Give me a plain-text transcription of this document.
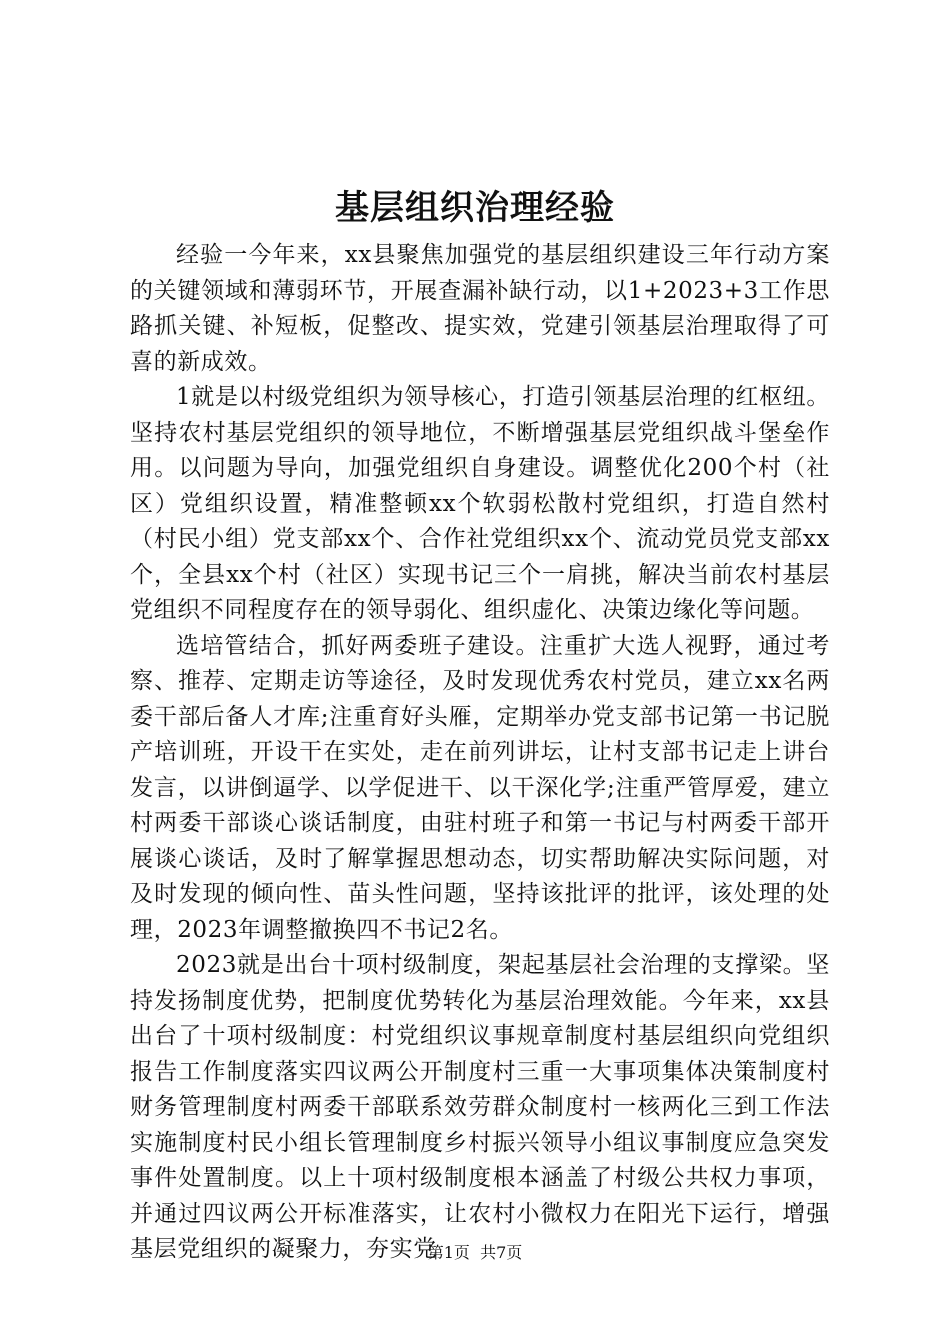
基层组织治理经验

经验一今年来，xx县聚焦加强党的基层组织建设三年行动方案的关键领域和薄弱环节，开展查漏补缺行动，以1+2023+3工作思路抓关键、补短板，促整改、提实效，党建引领基层治理取得了可喜的新成效。

1就是以村级党组织为领导核心，打造引领基层治理的红枢纽。坚持农村基层党组织的领导地位，不断增强基层党组织战斗堡垒作用。以问题为导向，加强党组织自身建设。调整优化200个村（社区）党组织设置，精准整顿xx个软弱松散村党组织，打造自然村（村民小组）党支部xx个、合作社党组织xx个、流动党员党支部xx个，全县xx个村（社区）实现书记三个一肩挑，解决当前农村基层党组织不同程度存在的领导弱化、组织虚化、决策边缘化等问题。

选培管结合，抓好两委班子建设。注重扩大选人视野，通过考察、推荐、定期走访等途径，及时发现优秀农村党员，建立xx名两委干部后备人才库;注重育好头雁，定期举办党支部书记第一书记脱产培训班，开设干在实处，走在前列讲坛，让村支部书记走上讲台发言，以讲倒逼学、以学促进干、以干深化学;注重严管厚爱，建立村两委干部谈心谈话制度，由驻村班子和第一书记与村两委干部开展谈心谈话，及时了解掌握思想动态，切实帮助解决实际问题，对及时发现的倾向性、苗头性问题，坚持该批评的批评，该处理的处理，2023年调整撤换四不书记2名。

2023就是出台十项村级制度，架起基层社会治理的支撑梁。坚持发扬制度优势，把制度优势转化为基层治理效能。今年来，xx县出台了十项村级制度：村党组织议事规章制度村基层组织向党组织报告工作制度落实四议两公开制度村三重一大事项集体决策制度村财务管理制度村两委干部联系效劳群众制度村一核两化三到工作法实施制度村民小组长管理制度乡村振兴领导小组议事制度应急突发事件处置制度。以上十项村级制度根本涵盖了村级公共权力事项，并通过四议两公开标准落实，让农村小微权力在阳光下运行，增强基层党组织的凝聚力，夯实党

第1页  共7页
